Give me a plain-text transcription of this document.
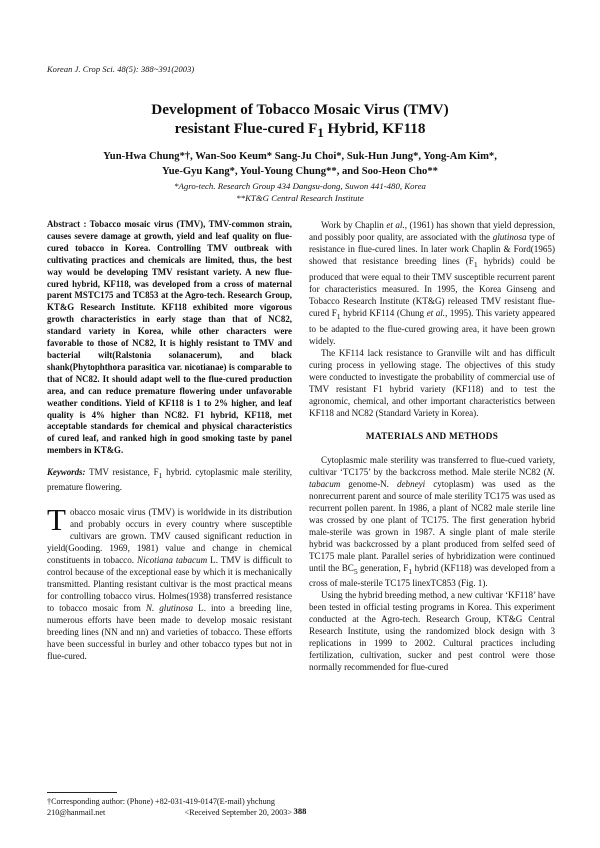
Korean J. Crop Sci. 48(5): 388~391(2003)
Development of Tobacco Mosaic Virus (TMV)
resistant Flue-cured $F_1$ Hybrid, KF118
Yun-Hwa Chung*†, Wan-Soo Keum* Sang-Ju Choi*, Suk-Hun Jung*, Yong-Am Kim*,
Yue-Gyu Kang*, Youl-Young Chung**, and Soo-Heon Cho**
*Agro-tech. Research Group 434 Dangsu-dong, Suwon 441-480, Korea
**KT&G Central Research Institute

Abstract : Tobacco mosaic virus (TMV), TMV-common strain, causes severe damage at growth, yield and leaf quality on flue-cured tobacco in Korea. Controlling TMV outbreak with cultivating practices and chemicals are limited, thus, the best way would be developing TMV resistant variety. A new flue-cured hybrid, KF118, was developed from a cross of maternal parent MSTC175 and TC853 at the Agro-tech. Research Group, KT&G Research Institute. KF118 exhibited more vigorous growth characteristics in early stage than that of NC82, standard variety in Korea, while other characters were favorable to those of NC82, It is highly resistant to TMV and bacterial wilt(Ralstonia solanacerum), and black shank(Phytophthora parasitica var. nicotianae) is comparable to that of NC82. It should adapt well to the flue-cured production area, and can reduce premature flowering under unfavorable weather conditions. Yield of KF118 is 1 to 2% higher, and leaf quality is 4% higher than NC82. F1 hybrid, KF118, met acceptable standards for chemical and physical characteristics of cured leaf, and ranked high in good smoking taste by panel members in KT&G.

Keywords: TMV resistance, $F_1$ hybrid. cytoplasmic male sterility, premature flowering.

Tobacco mosaic virus (TMV) is worldwide in its distribution and probably occurs in every country where susceptible cultivars are grown. TMV caused significant reduction in yield(Gooding. 1969, 1981) value and change in chemical constituents in tobacco. Nicotiana tabacum L. TMV is difficult to control because of the exceptional ease by which it is mechanically transmitted. Planting resistant cultivar is the most practical means for controlling tobacco virus. Holmes(1938) transferred resistance to tobacco mosaic from N. glutinosa L. into a breeding line, numerous efforts have been made to develop mosaic resistant breeding lines (NN and nn) and varieties of tobacco. These efforts have been successful in burley and other tobacco types but not in flue-cured.

Work by Chaplin et al., (1961) has shown that yield depression, and possibly poor quality, are associated with the glutinosa type of resistance in flue-cured lines. In later work Chaplin & Ford(1965) showed that resistance breeding lines ($F_1$ hybrids) could be produced that were equal to their TMV susceptible recurrent parent for characteristics measured. In 1995, the Korea Ginseng and Tobacco Research Institute (KT&G) released TMV resistant flue-cured $F_1$ hybrid KF114 (Chung et al., 1995). This variety appeared to be adapted to the flue-cured growing area, it have been grown widely.

The KF114 lack resistance to Granville wilt and has difficult curing process in yellowing stage. The objectives of this study were conducted to investigate the probability of commercial use of TMV resistant F1 hybrid variety (KF118) and to test the agronomic, chemical, and other important characteristics between KF118 and NC82 (Standard Variety in Korea).

MATERIALS AND METHODS

Cytoplasmic male sterility was transferred to flue-cued variety, cultivar ‘TC175’ by the backcross method. Male sterile NC82 (N. tabacum genome-N. debneyi cytoplasm) was used as the nonrecurrent parent and source of male sterility TC175 was used as recurrent pollen parent. In 1986, a plant of NC82 male sterile line was crossed by one plant of TC175. The first generation hybrid male-sterile was grown in 1987. A single plant of male sterile hybrid was backcrossed by a plant produced from selfed seed of TC175 male plant. Parallel series of hybridization were continued until the $BC_5$ generation, $F_1$ hybrid (KF118) was developed from a cross of male-sterile TC175 linexTC853 (Fig. 1).

Using the hybrid breeding method, a new cultivar ‘KF118’ have been tested in official testing programs in Korea. This experiment conducted at the Agro-tech. Research Group, KT&G Central Research Institute, using the randomized block design with 3 replications in 1999 to 2002. Cultural practices including fertilization, cultivation, sucker and pest control were those normally recommended for flue-cured

†Corresponding author: (Phone) +82-031-419-0147(E-mail) yhchung
210@hanmail.net	<Received September 20, 2003> 388
